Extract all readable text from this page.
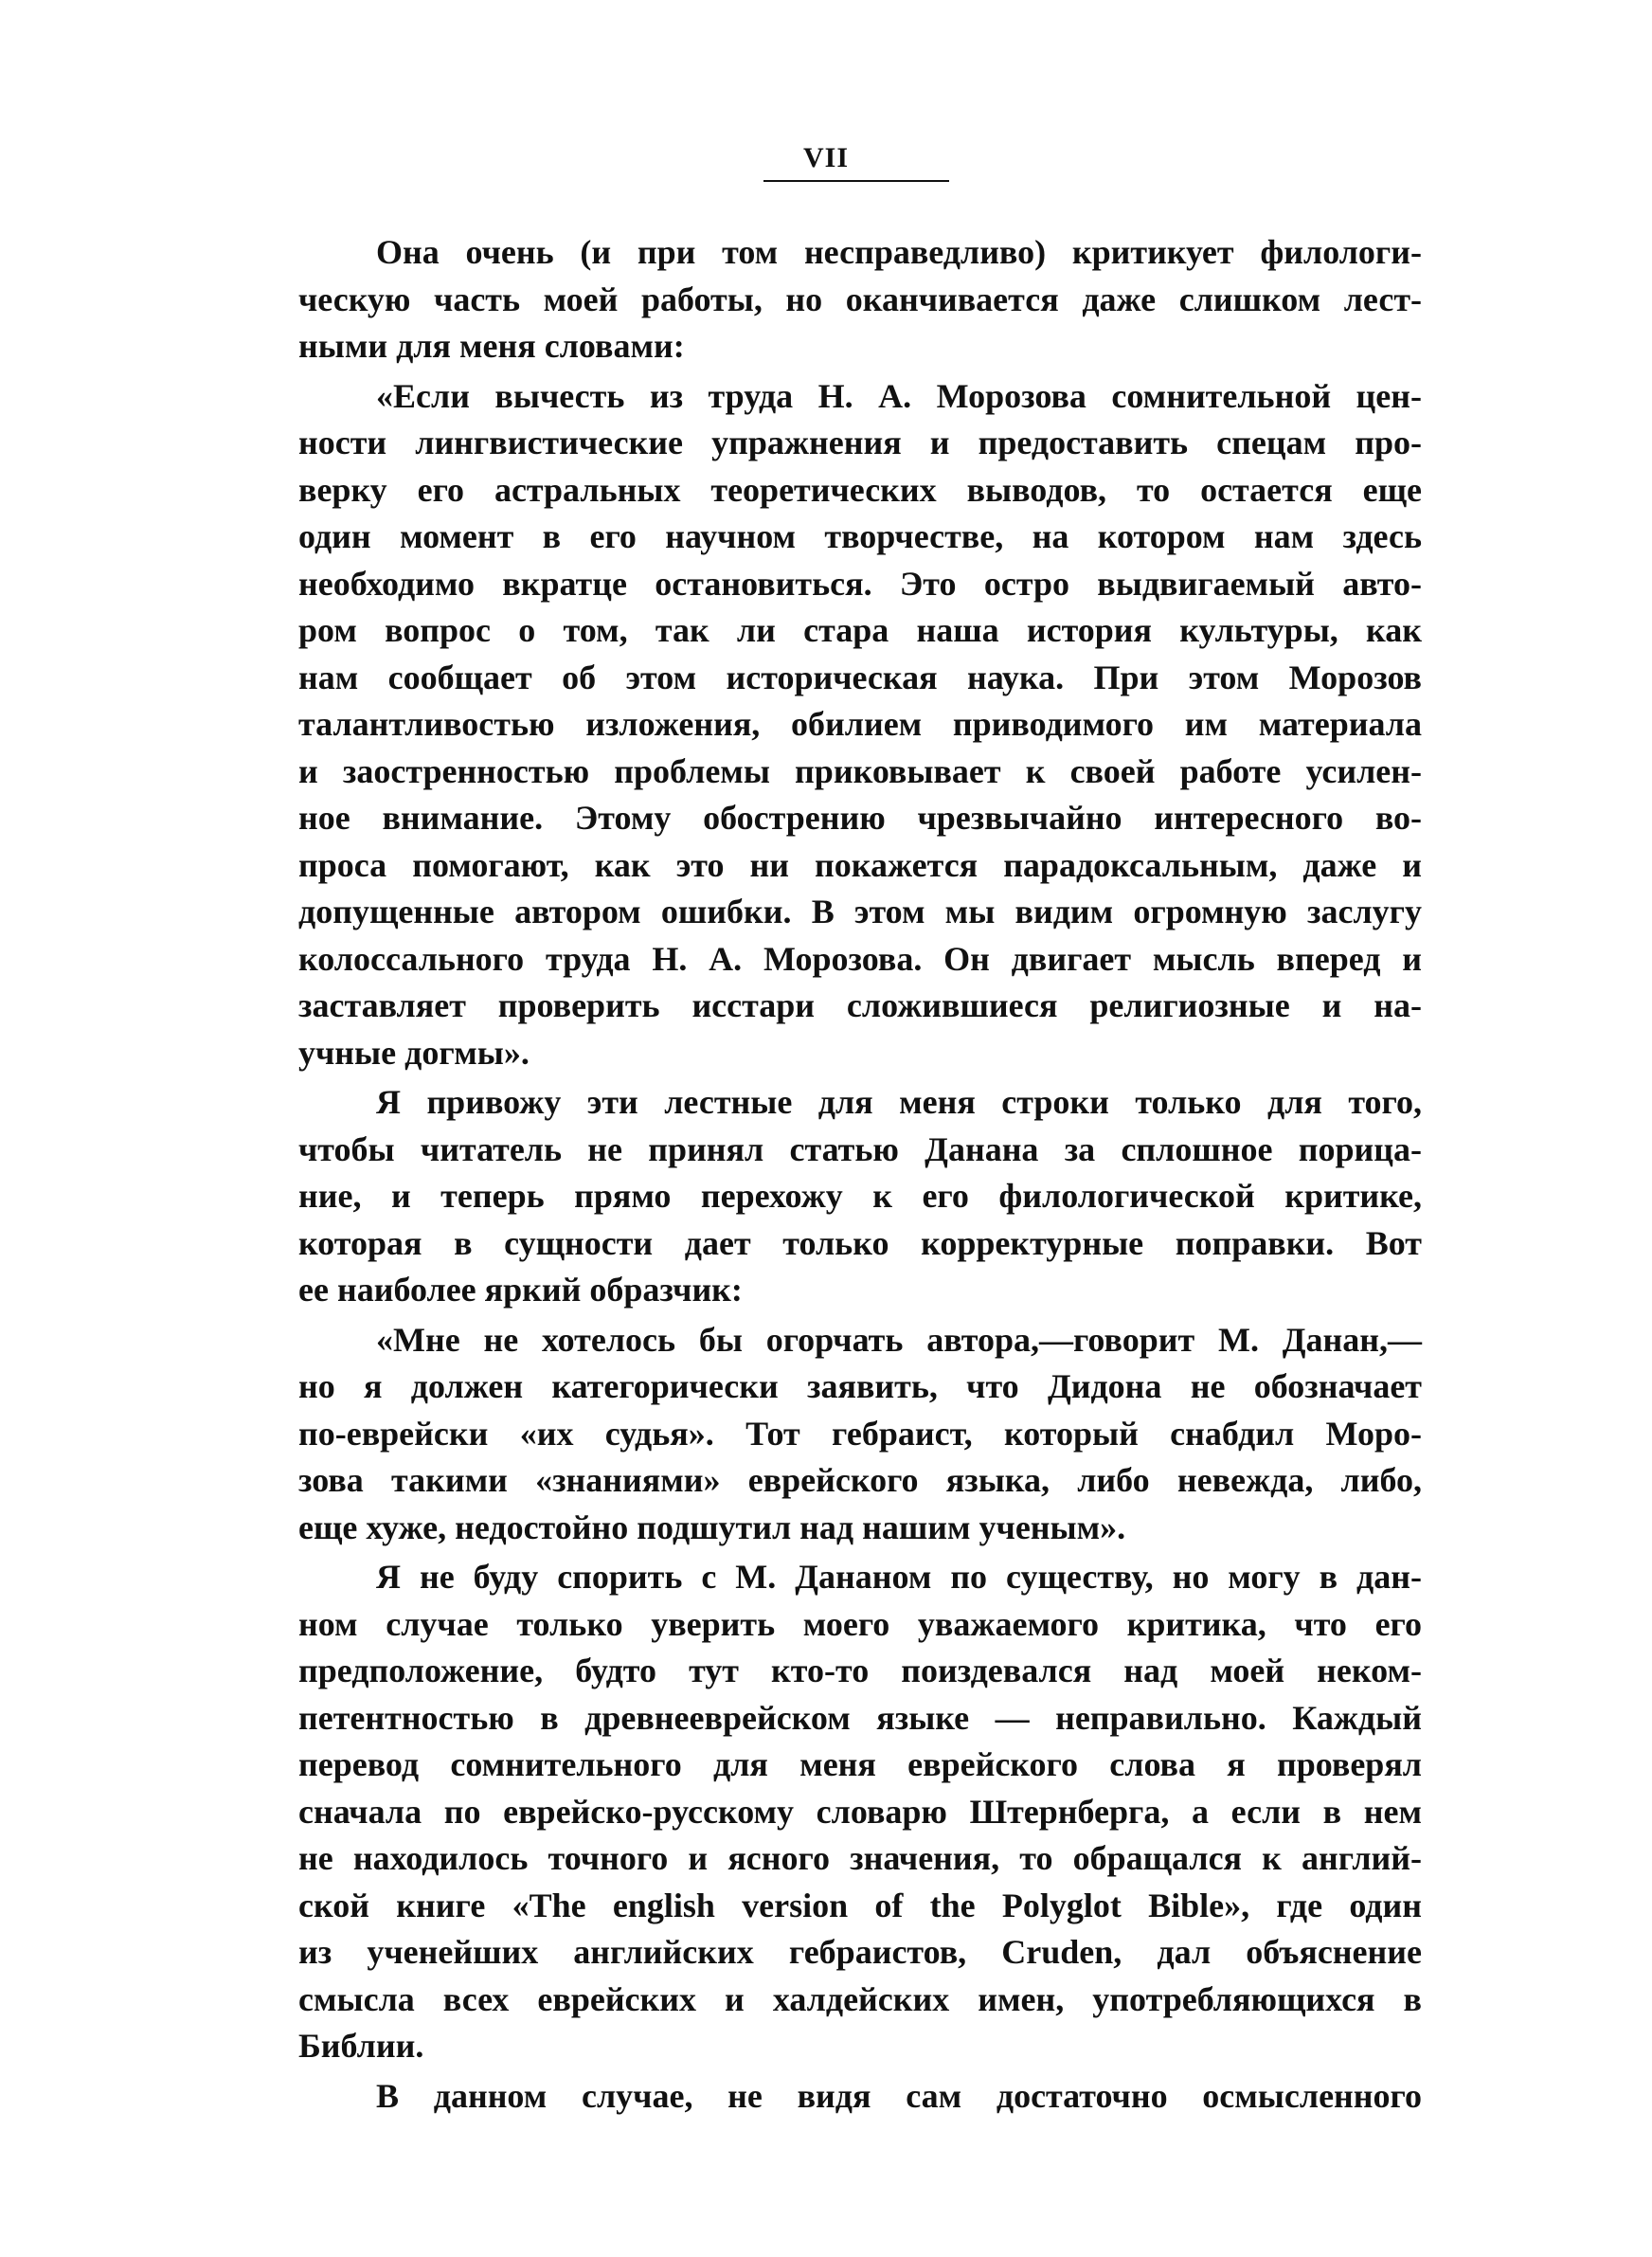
VII
Она очень (и при том несправедливо) критикует филологи-
ческую часть моей работы, но оканчивается даже слишком лест-
ными для меня словами:
«Если вычесть из труда Н. А. Морозова сомнительной цен-
ности лингвистические упражнения и предоставить спецам про-
верку его астральных теоретических выводов, то остается еще
один момент в его научном творчестве, на котором нам здесь
необходимо вкратце остановиться. Это остро выдвигаемый авто-
ром вопрос о том, так ли стара наша история культуры, как
нам сообщает об этом историческая наука. При этом Морозов
талантливостью изложения, обилием приводимого им материала
и заостренностью проблемы приковывает к своей работе усилен-
ное внимание. Этому обострению чрезвычайно интересного во-
проса помогают, как это ни покажется парадоксальным, даже и
допущенные автором ошибки. В этом мы видим огромную заслугу
колоссального труда Н. А. Морозова. Он двигает мысль вперед и
заставляет проверить исстари сложившиеся религиозные и на-
учные догмы».
Я привожу эти лестные для меня строки только для того,
чтобы читатель не принял статью Данана за сплошное порица-
ние, и теперь прямо перехожу к его филологической критике,
которая в сущности дает только корректурные поправки. Вот
ее наиболее яркий образчик:
«Мне не хотелось бы огорчать автора,—говорит М. Данан,—
но я должен категорически заявить, что Дидона не обозначает
по-еврейски «их судья». Тот гебраист, который снабдил Моро-
зова такими «знаниями» еврейского языка, либо невежда, либо,
еще хуже, недостойно подшутил над нашим ученым».
Я не буду спорить с М. Дананом по существу, но могу в дан-
ном случае только уверить моего уважаемого критика, что его
предположение, будто тут кто-то поиздевался над моей неком-
петентностью в древнееврейском языке — неправильно. Каждый
перевод сомнительного для меня еврейского слова я проверял
сначала по еврейско-русскому словарю Штернберга, а если в нем
не находилось точного и ясного значения, то обращался к англий-
ской книге «The english version of the Polyglot Bible», где один
из ученейших английских гебраистов, Cruden, дал объяснение
смысла всех еврейских и халдейских имен, употребляющихся в
Библии.
В данном случае, не видя сам достаточно осмысленного
